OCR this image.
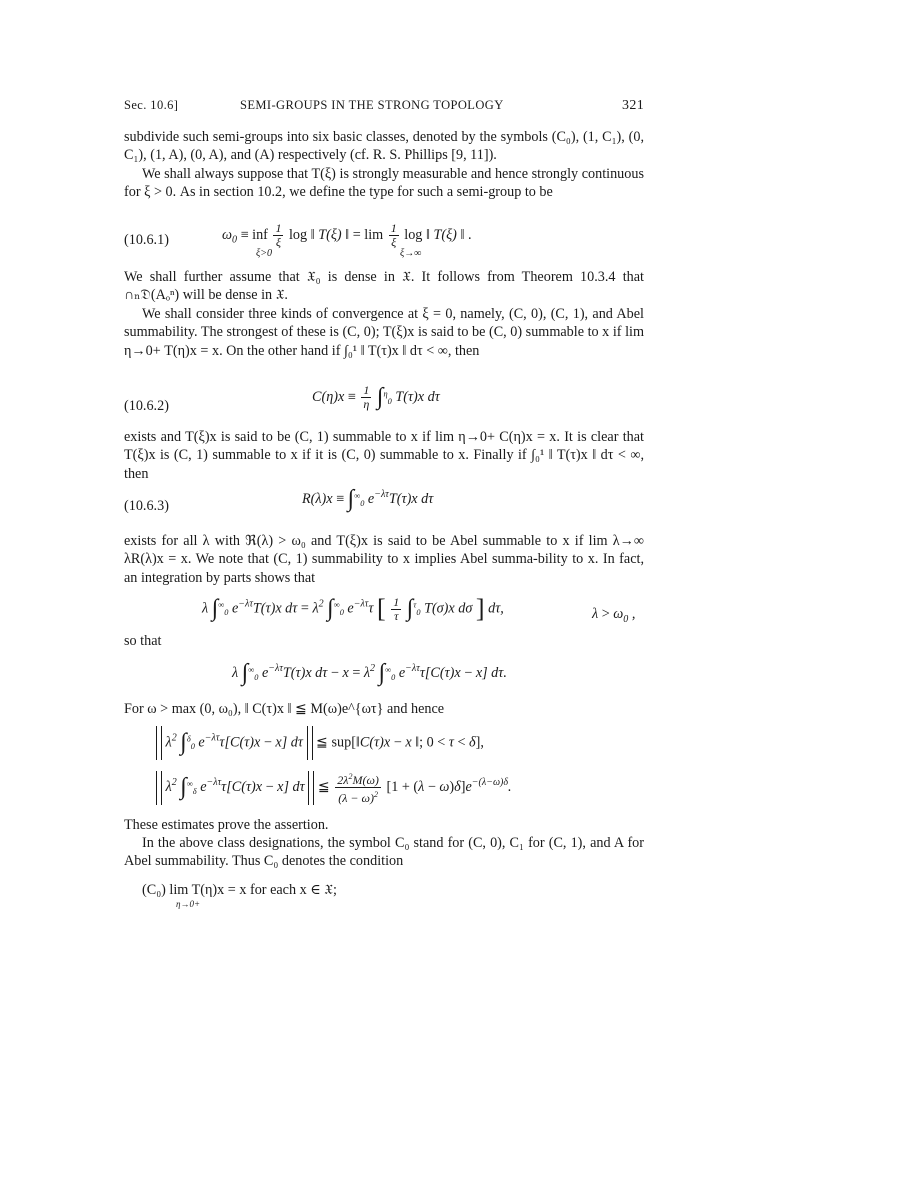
Sec. 10.6]	SEMI-GROUPS IN THE STRONG TOPOLOGY	321
subdivide such semi-groups into six basic classes, denoted by the symbols (C₀), (1, C₁), (0, C₁), (1, A), (0, A), and (A) respectively (cf. R. S. Phillips [9, 11]).
We shall always suppose that T(ξ) is strongly measurable and hence strongly continuous for ξ > 0. As in section 10.2, we define the type for such a semi-group to be
(10.6.1)	$\omega_0$ ≡ inf $\frac{1}{\xi}$ log ‖ T(ξ) ‖ = $\lim \frac{1}{\xi}$ log ‖ T(ξ) ‖ .
ξ>0	ξ→∞
We shall further assume that 𝔛₀ is dense in 𝔛. It follows from Theorem 10.3.4 that ∩ₙ𝔇(Aₒⁿ) will be dense in 𝔛.
We shall consider three kinds of convergence at ξ = 0, namely, (C, 0), (C, 1), and Abel summability. The strongest of these is (C, 0); T(ξ)x is said to be (C, 0) summable to x if lim η→0+ T(η)x = x. On the other hand if ∫₀¹ ‖ T(τ)x ‖ dτ < ∞, then
(10.6.2)
$C(\eta)x \equiv \frac{1}{\eta} \int^\eta_0$ T(τ)x dτ
exists and T(ξ)x is said to be (C, 1) summable to x if lim η→0+ C(η)x = x. It is clear that T(ξ)x is (C, 1) summable to x if it is (C, 0) summable to x. Finally if ∫₀¹ ‖ T(τ)x ‖ dτ < ∞, then
(10.6.3)	$R(\lambda)x \equiv \int^\infty_0$ $e^{-\lambda\tau}T(\tau)x$ dτ
exists for all λ with ℜ(λ) > ω₀ and T(ξ)x is said to be Abel summable to x if lim λ→∞ λR(λ)x = x. We note that (C, 1) summability to x implies Abel summa-bility to x. In fact, an integration by parts shows that
λ $\int^\infty_0$ $e^{-\lambda\tau}T(\tau)x$ $d\tau = \lambda^2$ $\int^\infty_0$ $e^{-\lambda\tau}\tau$ [ $\frac{1}{\tau} \int^\tau_0$ T(σ)x dσ ] dτ,	$\lambda > \omega_0$ ,
so that
λ $\int^\infty_0$ $e^{-\lambda\tau}T(\tau)x$ $d\tau - x = \lambda^2$ $\int^\infty_0$ $e^{-\lambda\tau}\tau[C(\tau)x - x]$ dτ.
For ω > max (0, ω₀), ‖ C(τ)x ‖ ≦ M(ω)e^{ωτ} and hence
$\lambda^2$ ∫$^\delta_0$ $e^{-\lambda\tau}\tau[C(\tau)x - x]$ dτ  ≦ sup[‖C(τ)x − x ‖; 0 < τ < δ],
$\lambda^2$ $\int^\infty_\delta$ $e^{-\lambda\tau}\tau[C(\tau)x - x]$ dτ  ≦ $\frac{2\lambda^2M(\omega)}{(\lambda - \omega)^2} [1 + (\lambda - \omega)\delta]e^{-(\lambda-\omega)\delta}$.
These estimates prove the assertion.
In the above class designations, the symbol C₀ stand for (C, 0), C₁ for (C, 1), and A for Abel summability. Thus C₀ denotes the condition
(C₀) lim T(η)x = x for each x ∈ 𝔛;
η→0+
